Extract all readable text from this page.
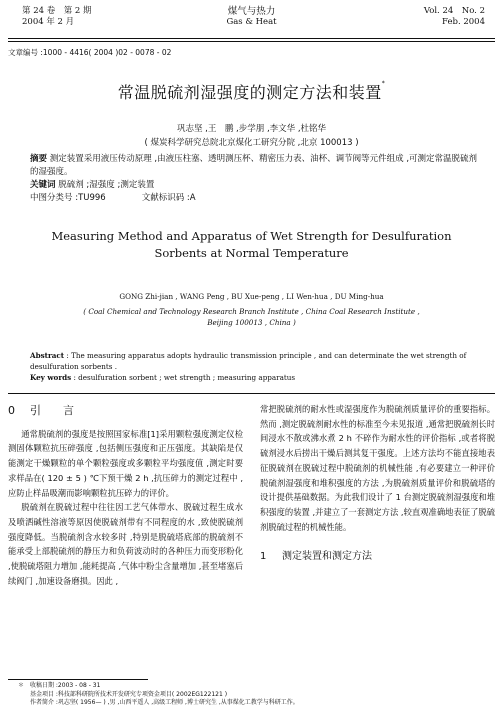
第 24 卷　第 2 期
2004 年 2 月
煤气与热力
Gas & Heat
Vol. 24　No. 2
Feb. 2004
文章编号 :1000 - 4416( 2004 )02 - 0078 - 02
常温脱硫剂湿强度的测定方法和装置*
巩志坚 ,王　鹏 ,步学朋 ,李文华 ,杜铭华
( 煤炭科学研究总院北京煤化工研究分院 ,北京 100013 )

摘要 测定装置采用液压传动原理 ,由液压柱塞、透明测压杯、精密压力表、油杯、调节阀等元件组成 ,可测定常温脱硫剂的湿强度。

关键词 脱硫剂 ;湿强度 ;测定装置

中图分类号 :TU996	文献标识码 :A

Measuring Method and Apparatus of Wet Strength for Desulfuration
Sorbents at Normal Temperature
GONG Zhi-jian , WANG Peng , BU Xue-peng , LI Wen-hua , DU Ming-hua
( Coal Chemical and Technology Research Branch Institute , China Coal Research Institute ,
Beijing 100013 , China )

Abstract : The measuring apparatus adopts hydraulic transmission principle , and can determinate the wet strength of desulfuration sorbents .

Key words : desulfuration sorbent ; wet strength ; measuring apparatus

0 引　　言

通常脱硫剂的强度是按照国家标准[1]采用颗粒强度测定仪检测固体颗粒抗压碎强度 ,包括侧压强度和正压强度。其缺陷是仅能测定干燥颗粒的单个颗粒强度或多颗粒平均强度值 ,测定时要求样品在( 120 ± 5 ) ℃下预干燥 2 h ,抗压碎力的测定过程中 ,应防止样品吸潮而影响颗粒抗压碎力的评价。

脱硫剂在脱硫过程中往往因工艺气体带水、脱硫过程生成水及喷洒碱性溶液等原因使脱硫剂带有不同程度的水 ,致使脱硫剂强度降低。当脱硫剂含水较多时 ,特别是脱硫塔底部的脱硫剂不能承受上部脱硫剂的静压力和负荷波动时的各种压力而变形粉化 ,使脱硫塔阻力增加 ,能耗提高 ,气体中粉尘含量增加 ,甚至堵塞后续阀门 ,加速设备磨损。因此 ,

常把脱硫剂的耐水性或湿强度作为脱硫剂质量评价的重要指标。然而 ,测定脱硫剂耐水性的标准至今未见报道 ,通常把脱硫剂长时间浸水不散或沸水煮 2 h 不碎作为耐水性的评价指标 ,或者将脱硫剂浸水后捞出干燥后测其复干强度。上述方法均不能直接地表征脱硫剂在脱硫过程中脱硫剂的机械性能 ,有必要建立一种评价脱硫剂湿强度和堆积强度的方法 ,为脱硫剂质量评价和脱硫塔的设计提供基础数据。为此我们设计了 1 台测定脱硫剂湿强度和堆积强度的装置 ,并建立了一套测定方法 ,较直观准确地表征了脱硫剂脱硫过程的机械性能。

1 测定装置和测定方法

＊　收稿日期 :2003 - 08 - 31

　　基金项目 :科技部科研院所技术开发研究专项资金项目( 2002EG122121 )

　　作者简介 :巩志坚( 1956— ) ,男 ,山西平遥人 ,高级工程师 ,博士研究生 ,从事煤化工教学与科研工作。
